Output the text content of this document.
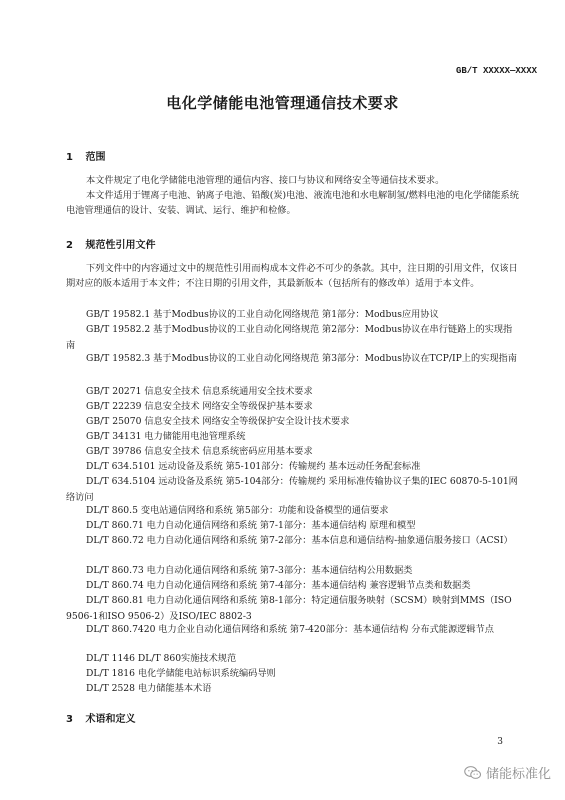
GB/T XXXXX—XXXX
电化学储能电池管理通信技术要求
1 范围
本文件规定了电化学储能电池管理的通信内容、接口与协议和网络安全等通信技术要求。
本文件适用于锂离子电池、钠离子电池、铅酸(炭)电池、液流电池和水电解制氢/燃料电池的电化学储能系统电池管理通信的设计、安装、调试、运行、维护和检修。
2 规范性引用文件
下列文件中的内容通过文中的规范性引用而构成本文件必不可少的条款。其中，注日期的引用文件，仅该日期对应的版本适用于本文件；不注日期的引用文件，其最新版本（包括所有的修改单）适用于本文件。
GB/T 19582.1 基于Modbus协议的工业自动化网络规范 第1部分：Modbus应用协议
GB/T 19582.2 基于Modbus协议的工业自动化网络规范 第2部分：Modbus协议在串行链路上的实现指南
GB/T 19582.3 基于Modbus协议的工业自动化网络规范 第3部分：Modbus协议在TCP/IP上的实现指南
GB/T 20271 信息安全技术 信息系统通用安全技术要求
GB/T 22239 信息安全技术 网络安全等级保护基本要求
GB/T 25070 信息安全技术 网络安全等级保护安全设计技术要求
GB/T 34131 电力储能用电池管理系统
GB/T 39786 信息安全技术 信息系统密码应用基本要求
DL/T 634.5101 远动设备及系统 第5-101部分：传输规约 基本远动任务配套标准
DL/T 634.5104 远动设备及系统 第5-104部分：传输规约 采用标准传输协议子集的IEC 60870-5-101网络访问
DL/T 860.5 变电站通信网络和系统 第5部分：功能和设备模型的通信要求
DL/T 860.71 电力自动化通信网络和系统 第7-1部分：基本通信结构 原理和模型
DL/T 860.72 电力自动化通信网络和系统 第7-2部分：基本信息和通信结构-抽象通信服务接口（ACSI）
DL/T 860.73 电力自动化通信网络和系统 第7-3部分：基本通信结构公用数据类
DL/T 860.74 电力自动化通信网络和系统 第7-4部分：基本通信结构 兼容逻辑节点类和数据类
DL/T 860.81 电力自动化通信网络和系统 第8-1部分：特定通信服务映射（SCSM）映射到MMS（ISO 9506-1和ISO 9506-2）及ISO/IEC 8802-3
DL/T 860.7420 电力企业自动化通信网络和系统 第7-420部分：基本通信结构 分布式能源逻辑节点
DL/T 1146 DL/T 860实施技术规范
DL/T 1816 电化学储能电站标识系统编码导则
DL/T 2528 电力储能基本术语
3 术语和定义
3
储能标准化
